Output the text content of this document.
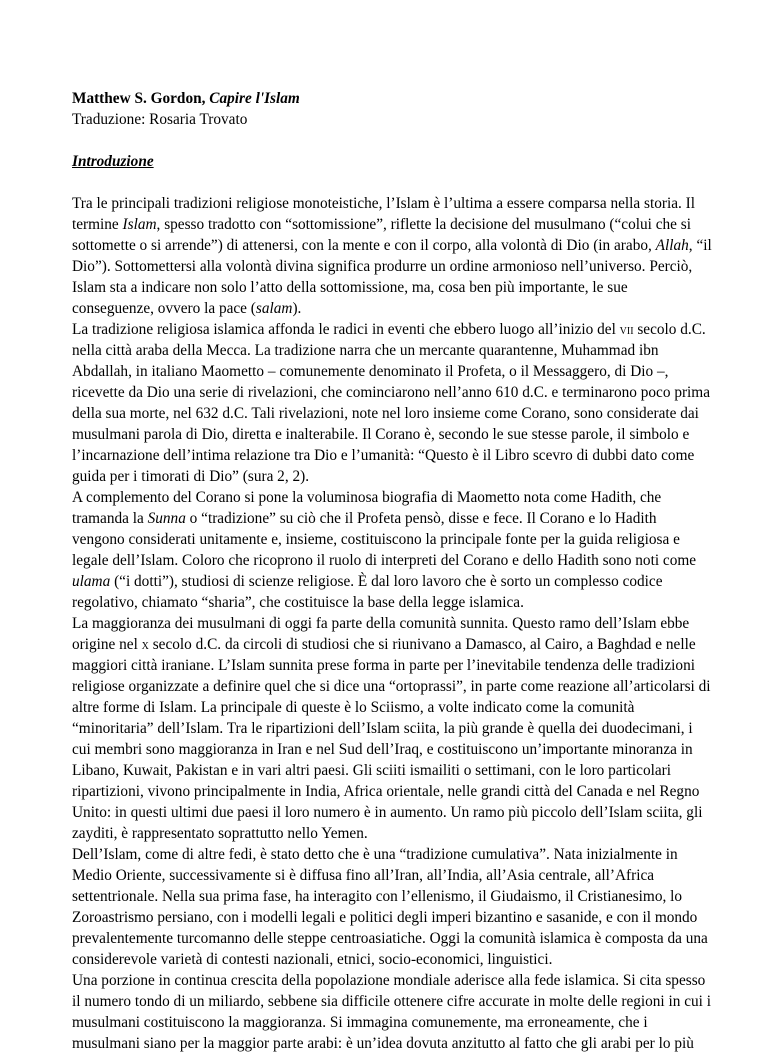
Matthew S. Gordon, Capire l'Islam

Traduzione: Rosaria Trovato

Introduzione

Tra le principali tradizioni religiose monoteistiche, l’Islam è l’ultima a essere comparsa nella storia. Il termine Islam, spesso tradotto con “sottomissione”, riflette la decisione del musulmano (“colui che si sottomette o si arrende”) di attenersi, con la mente e con il corpo, alla volontà di Dio (in arabo, Allah, “il Dio”). Sottomettersi alla volontà divina significa produrre un ordine armonioso nell’universo. Perciò, Islam sta a indicare non solo l’atto della sottomissione, ma, cosa ben più importante, le sue conseguenze, ovvero la pace (salam).

La tradizione religiosa islamica affonda le radici in eventi che ebbero luogo all’inizio del vii secolo d.C. nella città araba della Mecca. La tradizione narra che un mercante quarantenne, Muhammad ibn Abdallah, in italiano Maometto – comunemente denominato il Profeta, o il Messaggero, di Dio –, ricevette da Dio una serie di rivelazioni, che cominciarono nell’anno 610 d.C. e terminarono poco prima della sua morte, nel 632 d.C. Tali rivelazioni, note nel loro insieme come Corano, sono considerate dai musulmani parola di Dio, diretta e inalterabile. Il Corano è, secondo le sue stesse parole, il simbolo e l’incarnazione dell’intima relazione tra Dio e l’umanità: “Questo è il Libro scevro di dubbi dato come guida per i timorati di Dio” (sura 2, 2).

A complemento del Corano si pone la voluminosa biografia di Maometto nota come Hadith, che tramanda la Sunna o “tradizione” su ciò che il Profeta pensò, disse e fece. Il Corano e lo Hadith vengono considerati unitamente e, insieme, costituiscono la principale fonte per la guida religiosa e legale dell’Islam. Coloro che ricoprono il ruolo di interpreti del Corano e dello Hadith sono noti come ulama (“i dotti”), studiosi di scienze religiose. È dal loro lavoro che è sorto un complesso codice regolativo, chiamato “sharia”, che costituisce la base della legge islamica.

La maggioranza dei musulmani di oggi fa parte della comunità sunnita. Questo ramo dell’Islam ebbe origine nel x secolo d.C. da circoli di studiosi che si riunivano a Damasco, al Cairo, a Baghdad e nelle maggiori città iraniane. L’Islam sunnita prese forma in parte per l’inevitabile tendenza delle tradizioni religiose organizzate a definire quel che si dice una “ortoprassi”, in parte come reazione all’articolarsi di altre forme di Islam. La principale di queste è lo Sciismo, a volte indicato come la comunità “minoritaria” dell’Islam. Tra le ripartizioni dell’Islam sciita, la più grande è quella dei duodecimani, i cui membri sono maggioranza in Iran e nel Sud dell’Iraq, e costituiscono un’importante minoranza in Libano, Kuwait, Pakistan e in vari altri paesi. Gli sciiti ismailiti o settimani, con le loro particolari ripartizioni, vivono principalmente in India, Africa orientale, nelle grandi città del Canada e nel Regno Unito: in questi ultimi due paesi il loro numero è in aumento. Un ramo più piccolo dell’Islam sciita, gli zayditi, è rappresentato soprattutto nello Yemen.

Dell’Islam, come di altre fedi, è stato detto che è una “tradizione cumulativa”. Nata inizialmente in Medio Oriente, successivamente si è diffusa fino all’Iran, all’India, all’Asia centrale, all’Africa settentrionale. Nella sua prima fase, ha interagito con l’ellenismo, il Giudaismo, il Cristianesimo, lo Zoroastrismo persiano, con i modelli legali e politici degli imperi bizantino e sasanide, e con il mondo prevalentemente turcomanno delle steppe centroasiatiche. Oggi la comunità islamica è composta da una considerevole varietà di contesti nazionali, etnici, socio-economici, linguistici.

Una porzione in continua crescita della popolazione mondiale aderisce alla fede islamica. Si cita spesso il numero tondo di un miliardo, sebbene sia difficile ottenere cifre accurate in molte delle regioni in cui i musulmani costituiscono la maggioranza. Si immagina comunemente, ma erroneamente, che i musulmani siano per la maggior parte arabi: è un’idea dovuta anzitutto al fatto che gli arabi per lo più
